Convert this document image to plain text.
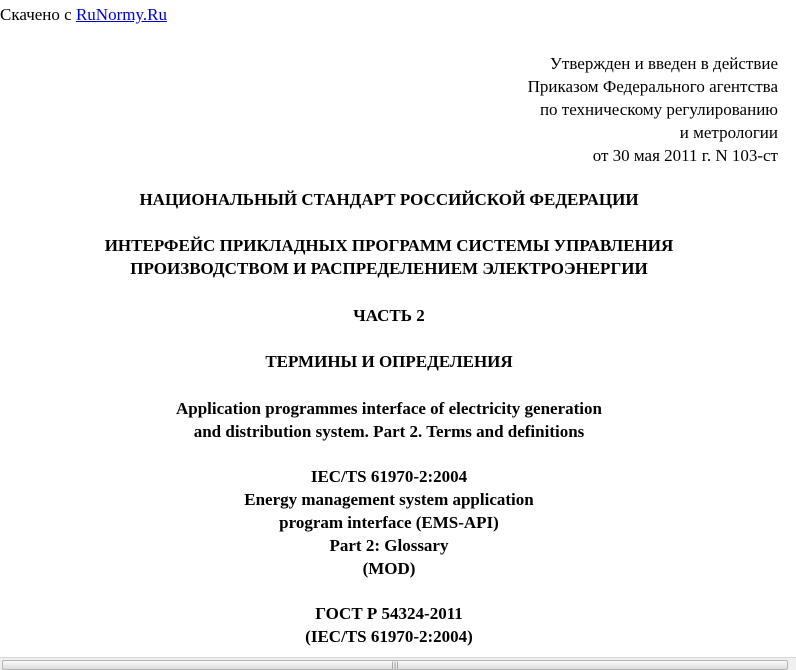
Скачено с RuNormy.Ru
Утвержден и введен в действие
Приказом Федерального агентства
по техническому регулированию
и метрологии
от 30 мая 2011 г. N 103-ст
НАЦИОНАЛЬНЫЙ СТАНДАРТ РОССИЙСКОЙ ФЕДЕРАЦИИ
ИНТЕРФЕЙС ПРИКЛАДНЫХ ПРОГРАММ СИСТЕМЫ УПРАВЛЕНИЯ
ПРОИЗВОДСТВОМ И РАСПРЕДЕЛЕНИЕМ ЭЛЕКТРОЭНЕРГИИ
ЧАСТЬ 2
ТЕРМИНЫ И ОПРЕДЕЛЕНИЯ
Application programmes interface of electricity generation
and distribution system. Part 2. Terms and definitions
IEC/TS 61970-2:2004
Energy management system application
program interface (EMS-API)
Part 2: Glossary
(MOD)
ГОСТ Р 54324-2011
(IEC/TS 61970-2:2004)
|||
